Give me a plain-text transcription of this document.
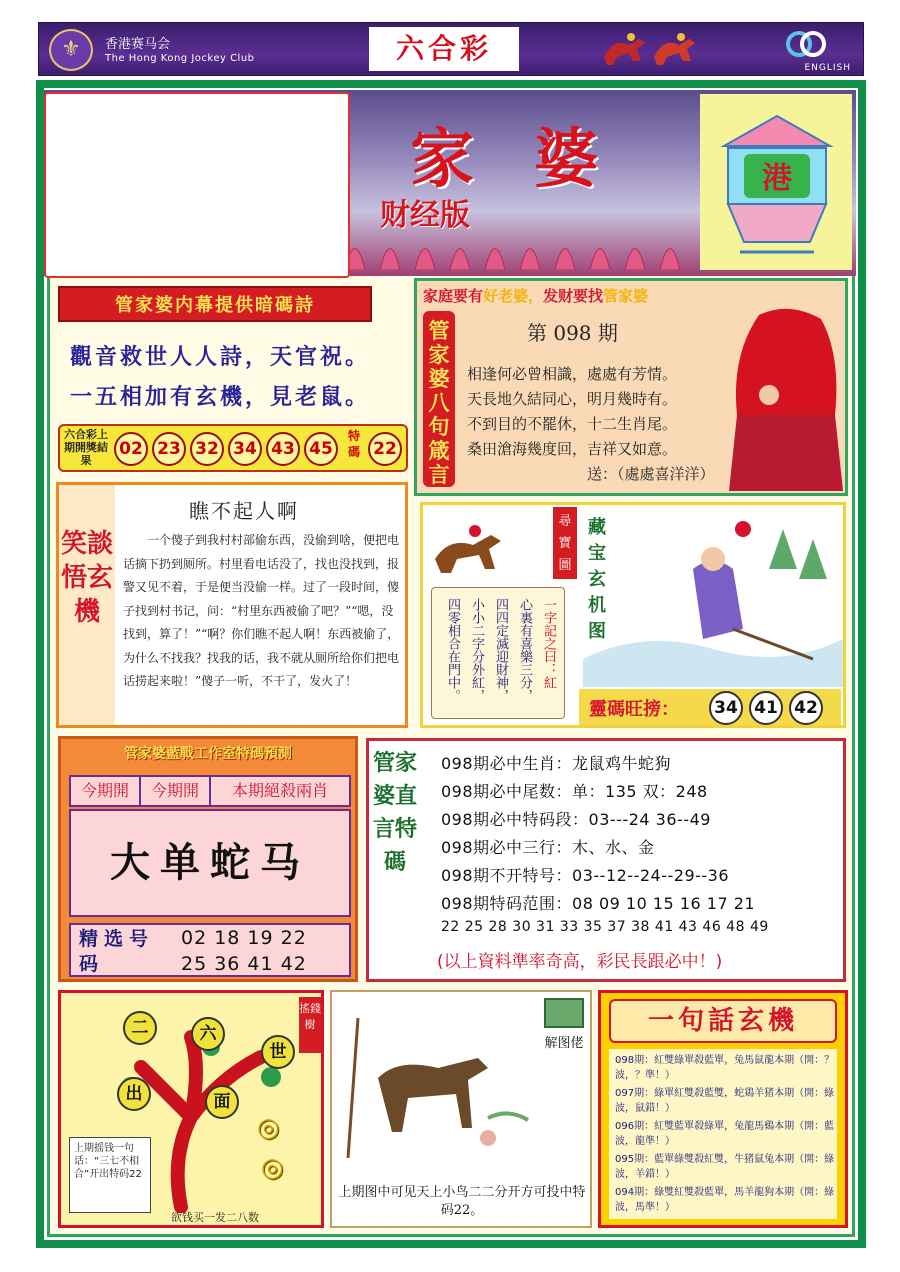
⚜	香港赛马会
The Hong Kong Jockey Club	六合彩
ENGLISH
家婆
财经版
港
管家婆内幕提供暗碼詩
觀音救世人人詩，天官祝。
一五相加有玄機，見老鼠。
六合彩上期開獎結果
02 23 32 34 43 45
特碼 22
家庭要有好老婆，发财要找管家婆
管家婆八句箴言
第 098 期
相逢何必曾相識，處處有芳情。
天長地久結同心，明月幾時有。
不到目的不罷休，十二生肖尾。
桑田滄海幾度回，吉祥又如意。
送：（處處喜洋洋）
笑談悟玄機
瞧不起人啊
一个傻子到我村村部偷东西，没偷到啥，便把电话摘下扔到厕所。村里看电话没了，找也没找到，报警又见不着，于是便当没偷一样。过了一段时间，傻子找到村书记，问：“村里东西被偷了吧？”“嗯，没找到，算了！”“啊？你们瞧不起人啊！东西被偷了，为什么不找我？找我的话，我不就从厕所给你们把电话捞起来啦！”傻子一听，不干了，发火了！
尋寶圖
一字記之曰：紅
心裏有喜樂三分，
四四定滅迎財神，
小小二字分外紅，
四零相合在門中。
藏宝玄机图
靈碼旺搒：	34 41 42
管家婆藍戰工作室特碼預測
今期開	今期開	本期絕殺兩肖
大单蛇马
精选号码
02 18 19 22
25 36 41 42
管家婆直言特碼
098期必中生肖：龙鼠鸡牛蛇狗
098期必中尾数：单：135 双：248
098期必中特码段：03---24 36--49
098期必中三行：木、水、金
098期不开特号：03--12--24--29--36
098期特码范围：08 09 10 15 16 17 21
22 25 28 30 31 33 35 37 38 41 43 46 48 49
(以上資料準率奇高，彩民長跟必中！)
二	六
世
出	面
搖錢樹
◎
◎
上期摇钱一句话：“三七不相合”开出特码22
欲钱买一发二八数
解图佬
上期图中可见天上小鸟二二分开方可投中特码22。
一句話玄機
098期：紅雙綠單殺藍單，兔馬鼠龍本期（開：？波，？準！）
097期：綠單紅雙殺藍雙，蛇鶏羊猪本期（開：綠波，鼠錯！）
096期：紅雙藍單殺綠單，兔龍馬鷄本期（開：藍波，龍準！）
095期：藍單綠雙殺紅雙，牛猪鼠兔本期（開：綠波，羊錯！）
094期：綠雙紅雙殺藍單，馬羊龍狗本期（開：綠波，馬準！）
